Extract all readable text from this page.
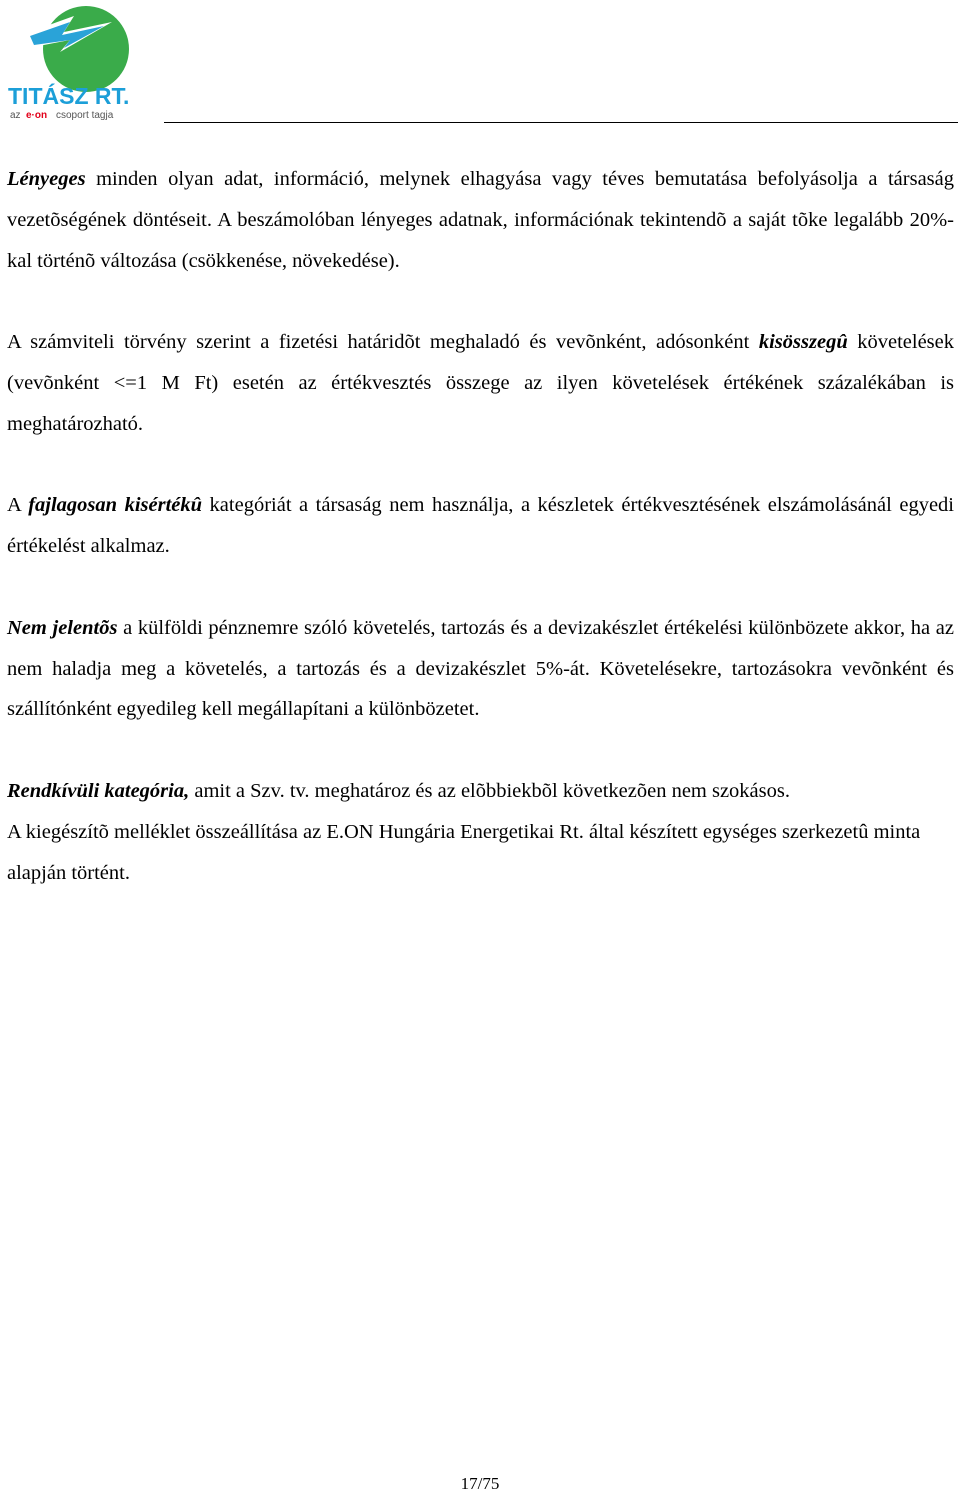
TITÁSZ RT.
az e·on csoport tagja

Lényeges minden olyan adat, információ, melynek elhagyása vagy téves bemutatása befolyásolja a társaság vezetõségének döntéseit. A beszámolóban lényeges adatnak, információnak tekintendõ a saját tõke legalább 20%-kal történõ változása (csökkenése, növekedése).

A számviteli törvény szerint a fizetési határidõt meghaladó és vevõnként, adósonként kisösszegû követelések (vevõnként <=1 M Ft) esetén az értékvesztés összege az ilyen követelések értékének százalékában is meghatározható.

A fajlagosan kisértékû kategóriát a társaság nem használja, a készletek értékvesztésének elszámolásánál egyedi értékelést alkalmaz.

Nem jelentõs a külföldi pénznemre szóló követelés, tartozás és a devizakészlet értékelési különbözete akkor, ha az nem haladja meg a követelés, a tartozás és a devizakészlet 5%-át. Követelésekre, tartozásokra vevõnként és szállítónként egyedileg kell megállapítani a különbözetet.

Rendkívüli kategória, amit a Szv. tv. meghatároz és az elõbbiekbõl következõen nem szokásos.
A kiegészítõ melléklet összeállítása az E.ON Hungária Energetikai Rt. által készített egységes szerkezetû minta alapján történt.

17/75
